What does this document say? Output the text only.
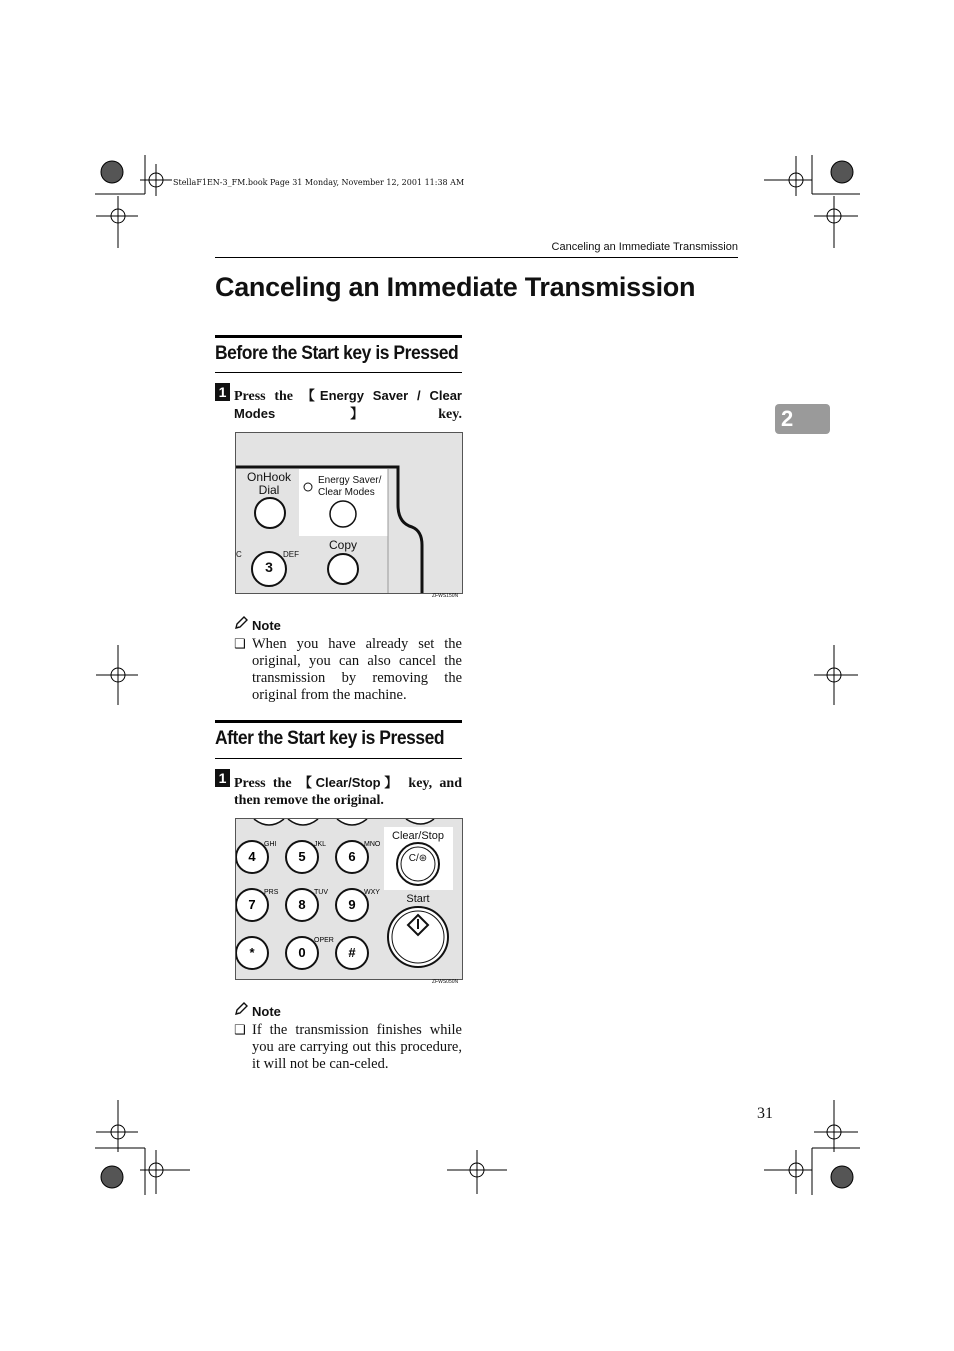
StellaF1EN-3_FM.book Page 31 Monday, November 12, 2001 11:38 AM
Canceling an Immediate Transmission
Canceling an Immediate Transmission
2
Before the Start key is Pressed
1 Press the 【Energy Saver / Clear Modes】key.
OnHook
Dial
Energy Saver/
Clear Modes
Copy
3
DEF
C
ZFWS150N
Note
❑ When you have already set the original, you can also cancel the transmission by removing the original from the machine.
After the Start key is Pressed
1 Press the 【Clear/Stop】 key, and then remove the original.
4
GHI
5
JKL
6
MNO
7
PRS
8
TUV
9
WXY
*	0
OPER
#
Clear/Stop
C/⊛
Start
ZFWS050N
Note
❑ If the transmission finishes while you are carrying out this procedure, it will not be can-celed.
31
